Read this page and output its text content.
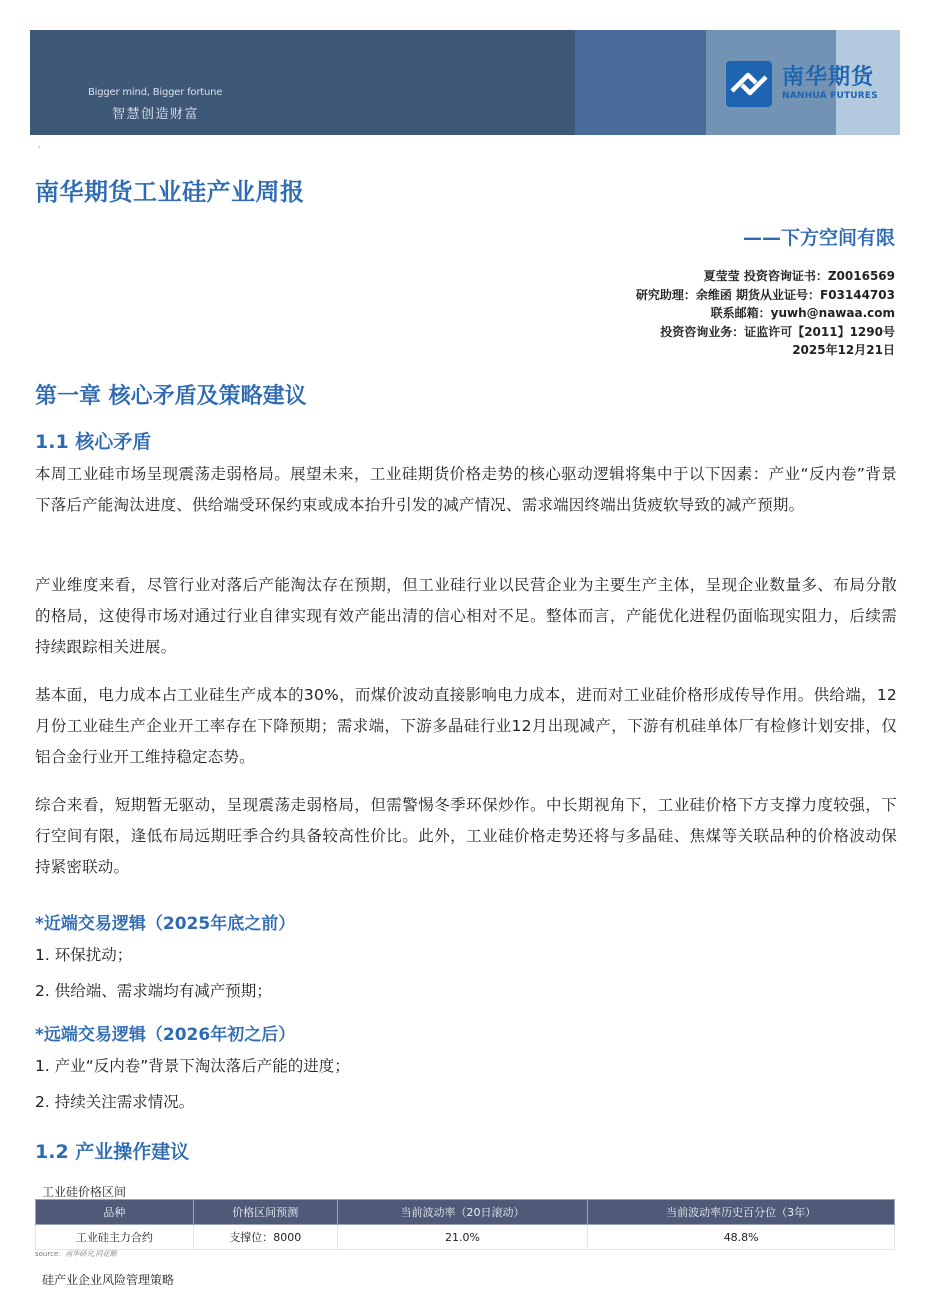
Bigger mind, Bigger fortune
智慧创造财富
南华期货
NANHUA FUTURES
·
南华期货工业硅产业周报
——下方空间有限
夏莹莹 投资咨询证书：Z0016569
研究助理：余维函 期货从业证号：F03144703
联系邮箱：yuwh@nawaa.com
投资咨询业务：证监许可【2011】1290号
2025年12月21日
第一章 核心矛盾及策略建议
1.1 核心矛盾
本周工业硅市场呈现震荡走弱格局。展望未来，工业硅期货价格走势的核心驱动逻辑将集中于以下因素：产业“反内卷”背景下落后产能淘汰进度、供给端受环保约束或成本抬升引发的减产情况、需求端因终端出货疲软导致的减产预期。
产业维度来看，尽管行业对落后产能淘汰存在预期，但工业硅行业以民营企业为主要生产主体，呈现企业数量多、布局分散的格局，这使得市场对通过行业自律实现有效产能出清的信心相对不足。整体而言，产能优化进程仍面临现实阻力，后续需持续跟踪相关进展。
基本面，电力成本占工业硅生产成本的30%，而煤价波动直接影响电力成本，进而对工业硅价格形成传导作用。供给端，12月份工业硅生产企业开工率存在下降预期；需求端，下游多晶硅行业12月出现减产，下游有机硅单体厂有检修计划安排，仅铝合金行业开工维持稳定态势。
综合来看，短期暂无驱动，呈现震荡走弱格局，但需警惕冬季环保炒作。中长期视角下，工业硅价格下方支撑力度较强，下行空间有限，逢低布局远期旺季合约具备较高性价比。此外，工业硅价格走势还将与多晶硅、焦煤等关联品种的价格波动保持紧密联动。
*近端交易逻辑（2025年底之前）
1. 环保扰动；
2. 供给端、需求端均有减产预期；
*远端交易逻辑（2026年初之后）
1. 产业“反内卷”背景下淘汰落后产能的进度；
2. 持续关注需求情况。
1.2 产业操作建议
工业硅价格区间
品种	价格区间预测	当前波动率（20日滚动）	当前波动率历史百分位（3年）
工业硅主力合约	支撑位：8000	21.0%	48.8%
source：南华研究,同花顺
硅产业企业风险管理策略
